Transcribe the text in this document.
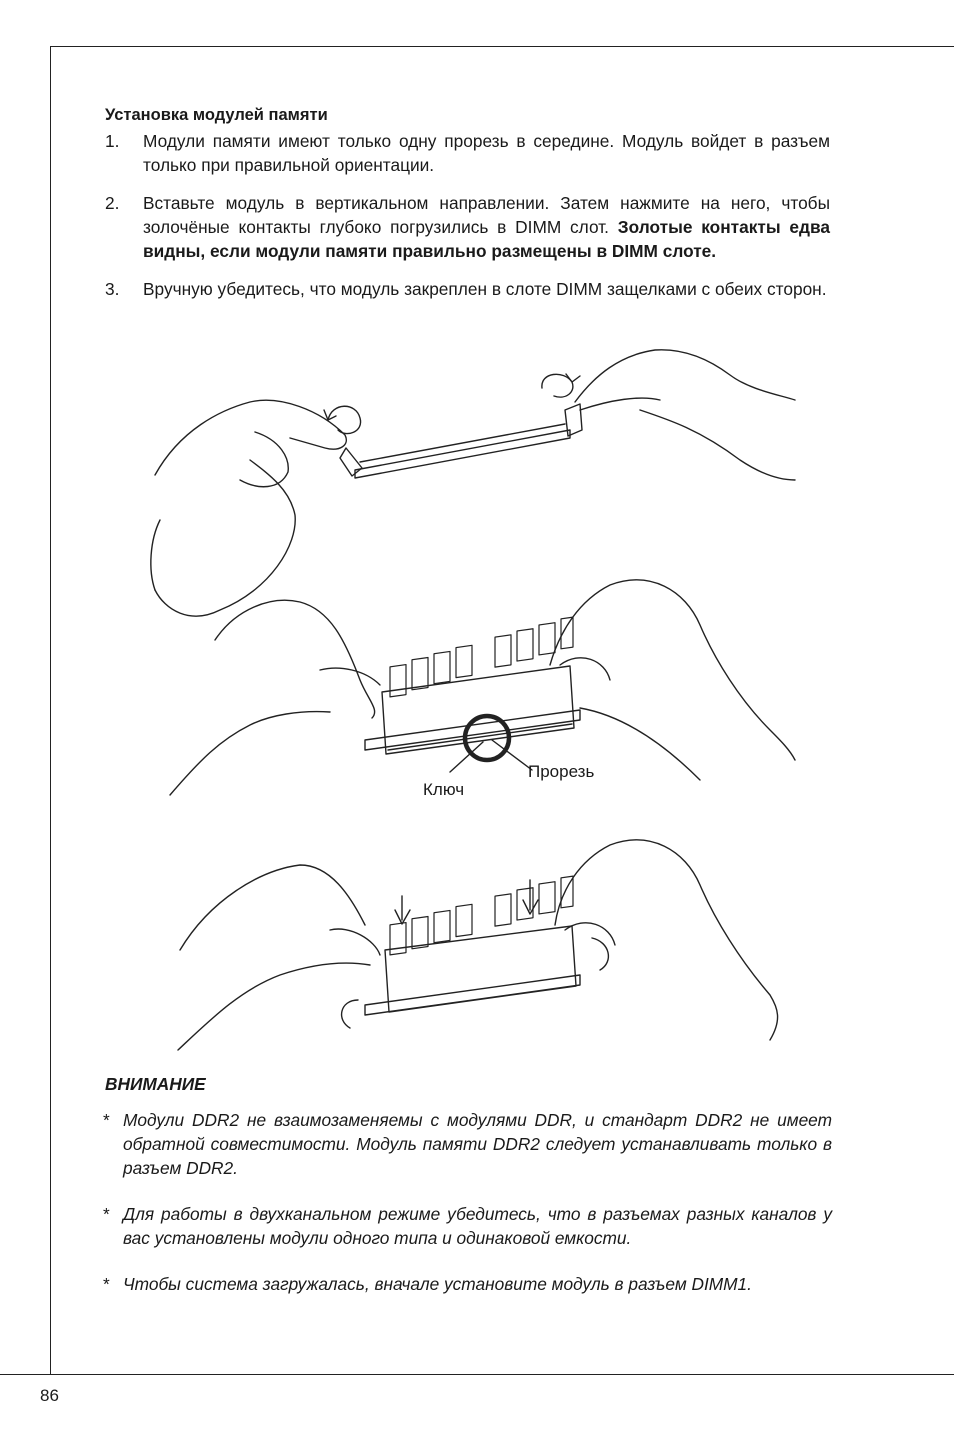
Установка модулей памяти
1. Модули памяти имеют только одну прорезь в середине. Модуль войдет в разъем только при правильной ориентации.
2. Вставьте модуль в вертикальном направлении. Затем нажмите на него, чтобы золочёные контакты глубоко погрузились в DIMM слот. Золотые контакты едва видны, если модули памяти правильно размещены в DIMM слоте.
3. Вручную убедитесь, что модуль закреплен в слоте DIMM защелками с обеих сторон.
Прорезь
Ключ
ВНИМАНИЕ
* Модули DDR2 не взаимозаменяемы с модулями DDR, и стандарт DDR2 не имеет обратной совместимости. Модуль памяти DDR2 следует устанавливать только в разъем DDR2.
* Для работы в двухканальном режиме убедитесь, что в разъемах разных каналов у вас установлены модули одного типа и одинаковой емкости.
* Чтобы система загружалась, вначале установите модуль в разъем DIMM1.
86
